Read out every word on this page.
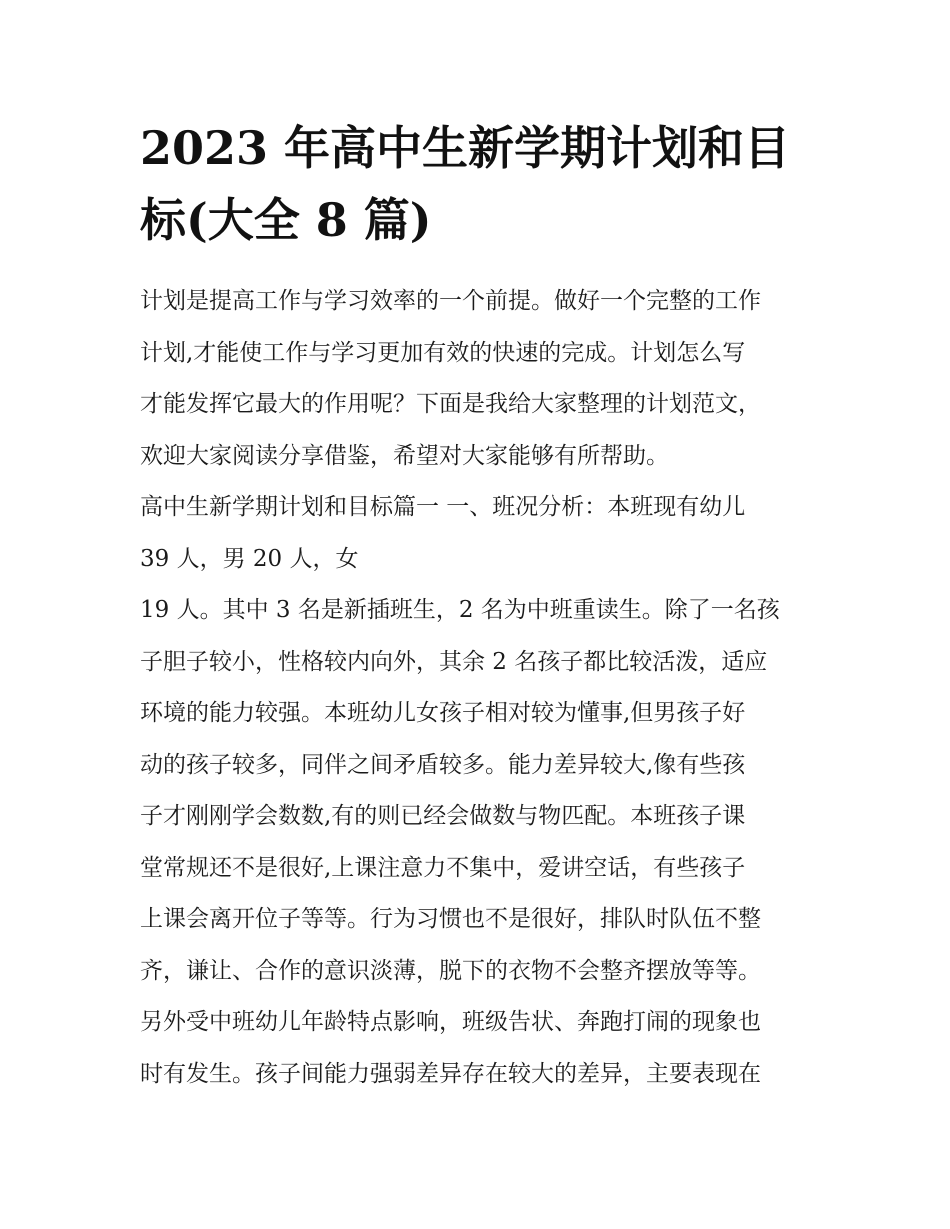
2023 年高中生新学期计划和目
标(大全 8 篇)
计划是提高工作与学习效率的一个前提。做好一个完整的工作
计划,才能使工作与学习更加有效的快速的完成。计划怎么写
才能发挥它最大的作用呢？下面是我给大家整理的计划范文，
欢迎大家阅读分享借鉴，希望对大家能够有所帮助。
高中生新学期计划和目标篇一 一、班况分析：本班现有幼儿
39 人，男 20 人，女
19 人。其中 3 名是新插班生，2 名为中班重读生。除了一名孩
子胆子较小，性格较内向外，其余 2 名孩子都比较活泼，适应
环境的能力较强。本班幼儿女孩子相对较为懂事,但男孩子好
动的孩子较多，同伴之间矛盾较多。能力差异较大,像有些孩
子才刚刚学会数数,有的则已经会做数与物匹配。本班孩子课
堂常规还不是很好,上课注意力不集中，爱讲空话，有些孩子
上课会离开位子等等。行为习惯也不是很好，排队时队伍不整
齐，谦让、合作的意识淡薄，脱下的衣物不会整齐摆放等等。
另外受中班幼儿年龄特点影响，班级告状、奔跑打闹的现象也
时有发生。孩子间能力强弱差异存在较大的差异，主要表现在
